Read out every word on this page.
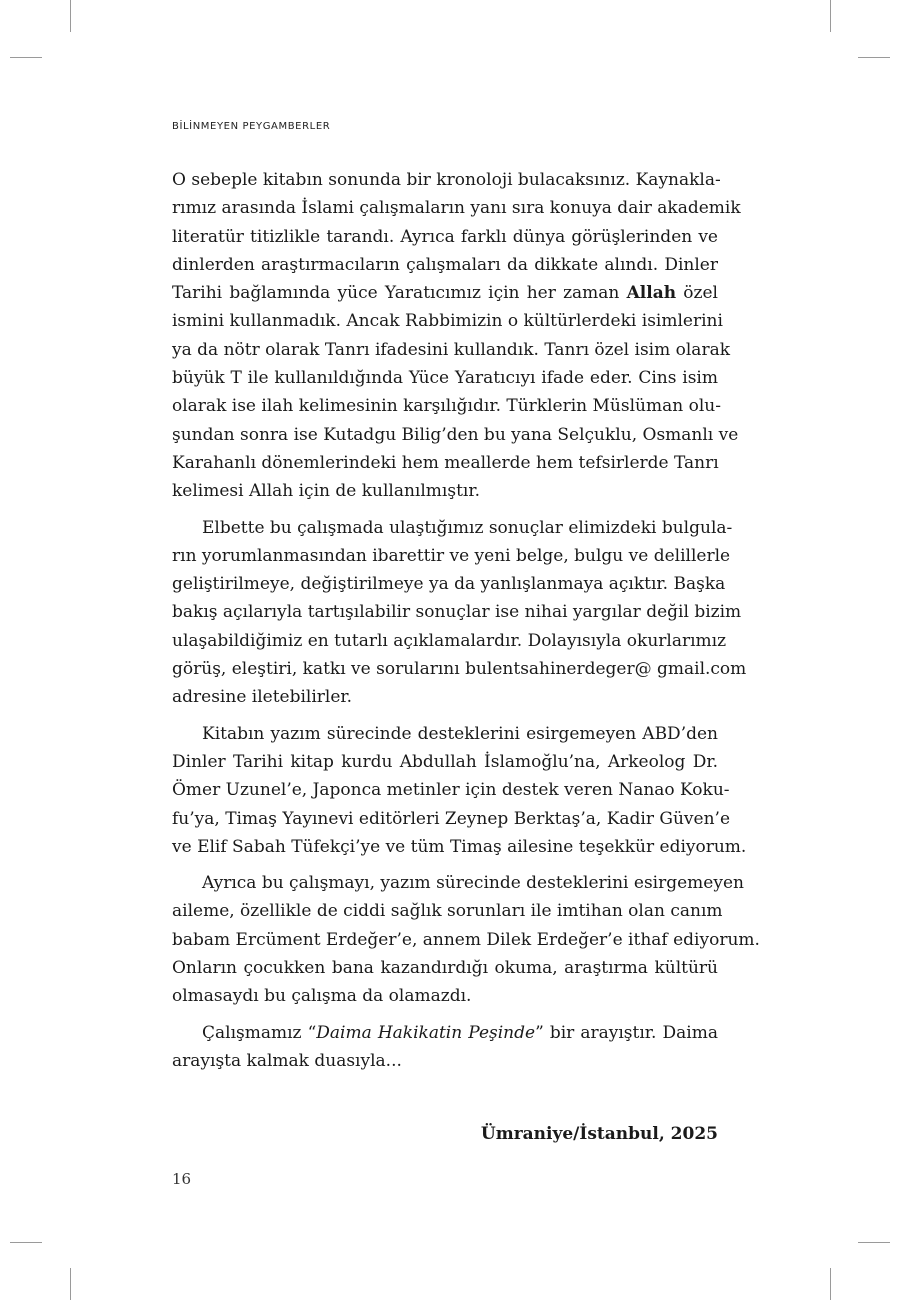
BİLİNMEYEN PEYGAMBERLER
O sebeple kitabın sonunda bir kronoloji bulacaksınız. Kaynakla-
rımız arasında İslami çalışmaların yanı sıra konuya dair akademik
literatür titizlikle tarandı. Ayrıca farklı dünya görüşlerinden ve
dinlerden araştırmacıların çalışmaları da dikkate alındı. Dinler
Tarihi bağlamında yüce Yaratıcımız için her zaman Allah özel
ismini kullanmadık. Ancak Rabbimizin o kültürlerdeki isimlerini
ya da nötr olarak Tanrı ifadesini kullandık. Tanrı özel isim olarak
büyük T ile kullanıldığında Yüce Yaratıcıyı ifade eder. Cins isim
olarak ise ilah kelimesinin karşılığıdır. Türklerin Müslüman olu-
şundan sonra ise Kutadgu Bilig’den bu yana Selçuklu, Osmanlı ve
Karahanlı dönemlerindeki hem meallerde hem tefsirlerde Tanrı
kelimesi Allah için de kullanılmıştır.
Elbette bu çalışmada ulaştığımız sonuçlar elimizdeki bulgula-
rın yorumlanmasından ibarettir ve yeni belge, bulgu ve delillerle
geliştirilmeye, değiştirilmeye ya da yanlışlanmaya açıktır. Başka
bakış açılarıyla tartışılabilir sonuçlar ise nihai yargılar değil bizim
ulaşabildiğimiz en tutarlı açıklamalardır. Dolayısıyla okurlarımız
görüş, eleştiri, katkı ve sorularını bulentsahinerdeger@ gmail.com
adresine iletebilirler.
Kitabın yazım sürecinde desteklerini esirgemeyen ABD’den
Dinler Tarihi kitap kurdu Abdullah İslamoğlu’na, Arkeolog Dr.
Ömer Uzunel’e, Japonca metinler için destek veren Nanao Koku-
fu’ya, Timaş Yayınevi editörleri Zeynep Berktaş’a, Kadir Güven’e
ve Elif Sabah Tüfekçi’ye ve tüm Timaş ailesine teşekkür ediyorum.
Ayrıca bu çalışmayı, yazım sürecinde desteklerini esirgemeyen
aileme, özellikle de ciddi sağlık sorunları ile imtihan olan canım
babam Ercüment Erdeğer’e, annem Dilek Erdeğer’e ithaf ediyorum.
Onların çocukken bana kazandırdığı okuma, araştırma kültürü
olmasaydı bu çalışma da olamazdı.
Çalışmamız “Daima Hakikatin Peşinde” bir arayıştır. Daima
arayışta kalmak duasıyla...
Ümraniye/İstanbul, 2025
16
